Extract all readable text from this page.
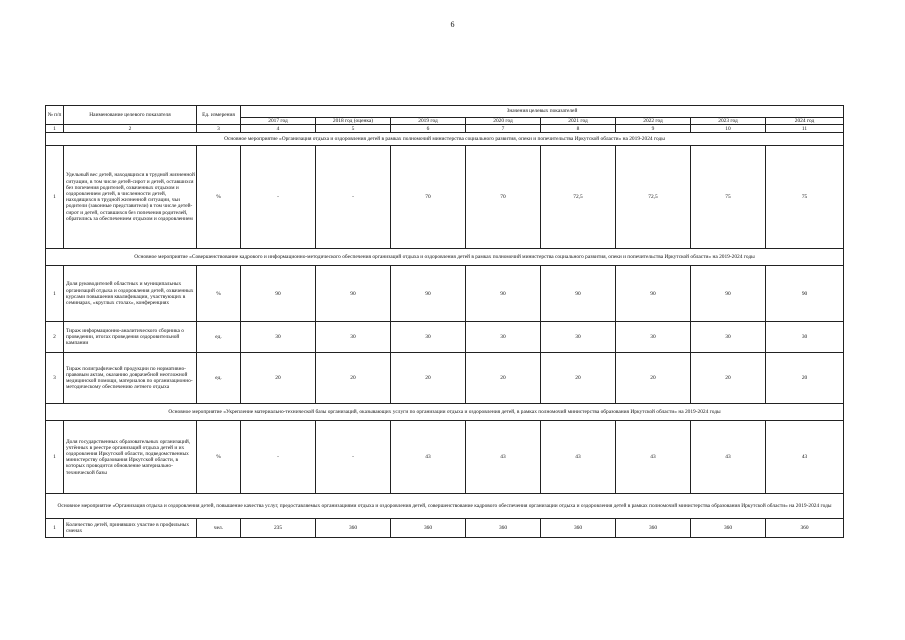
6
№ п/п	Наименование целевого показателя	Ед. измерения	Значения целевых показателей							
			2017 год	2018 год (оценка)	2019 год	2020 год	2021 год	2022 год	2023 год	2024 год
1	2	3	4	5	6	7	8	9	10	11
Основное мероприятие «Организация отдыха и оздоровления детей в рамках полномочий министерства социального развития, опеки и попечительства Иркутской области» на 2019-2024 годы										
1	Удельный вес детей, находящихся в трудной жизненной ситуации, в том числе детей-сирот и детей, оставшихся без попечения родителей, охваченных отдыхом и оздоровлением детей, в численности детей, находящихся в трудной жизненной ситуации, чьи родители (законные представители) в том числе детей-сирот и детей, оставшихся без попечения родителей, обратились за обеспечением отдыхом и оздоровлением	%	-	-	70	70	72,5	72,5	75	75
Основное мероприятие «Совершенствование кадрового и информационно-методического обеспечения организаций отдыха и оздоровления детей в рамках полномочий министерства социального развития, опеки и попечительства Иркутской области» на 2019-2024 годы										
1	Доля руководителей областных и муниципальных организаций отдыха и оздоровления детей, охваченных курсами повышения квалификации, участвующих в семинарах, «круглых столах», конференциях	%	90	90	90	90	90	90	90	90
2	Тираж информационно-аналитического сборника о проведении, итогах проведения оздоровительной кампании	ед.	30	30	30	30	30	30	30	30
3	Тираж полиграфической продукции по нормативно-правовым актам, оказанию доврачебной неотложной медицинской помощи, материалов по организационно-методическому обеспечению летнего отдыха	ед.	20	20	20	20	20	20	20	20
Основное мероприятие «Укрепление материально-технической базы организаций, оказывающих услуги по организации отдыха и оздоровления детей, в рамках полномочий министерства образования Иркутской области» на 2019-2024 годы										
1	Доля государственных образовательных организаций, учтённых в реестре организаций отдыха детей и их оздоровления Иркутской области, подведомственных министерству образования Иркутской области, в которых проводится обновление материально-технической базы	%	-	-	43	43	43	43	43	43
Основное мероприятие «Организация отдыха и оздоровления детей, повышение качества услуг, предоставляемых организациями отдыха и оздоровления детей, совершенствование кадрового обеспечения организации отдыха и оздоровления детей в рамках полномочий министерства образования Иркутской области» на 2019-2024 годы										
1	Количество детей, принявших участие в профильных сменах	чел.	235	360	360	360	360	360	360	360
